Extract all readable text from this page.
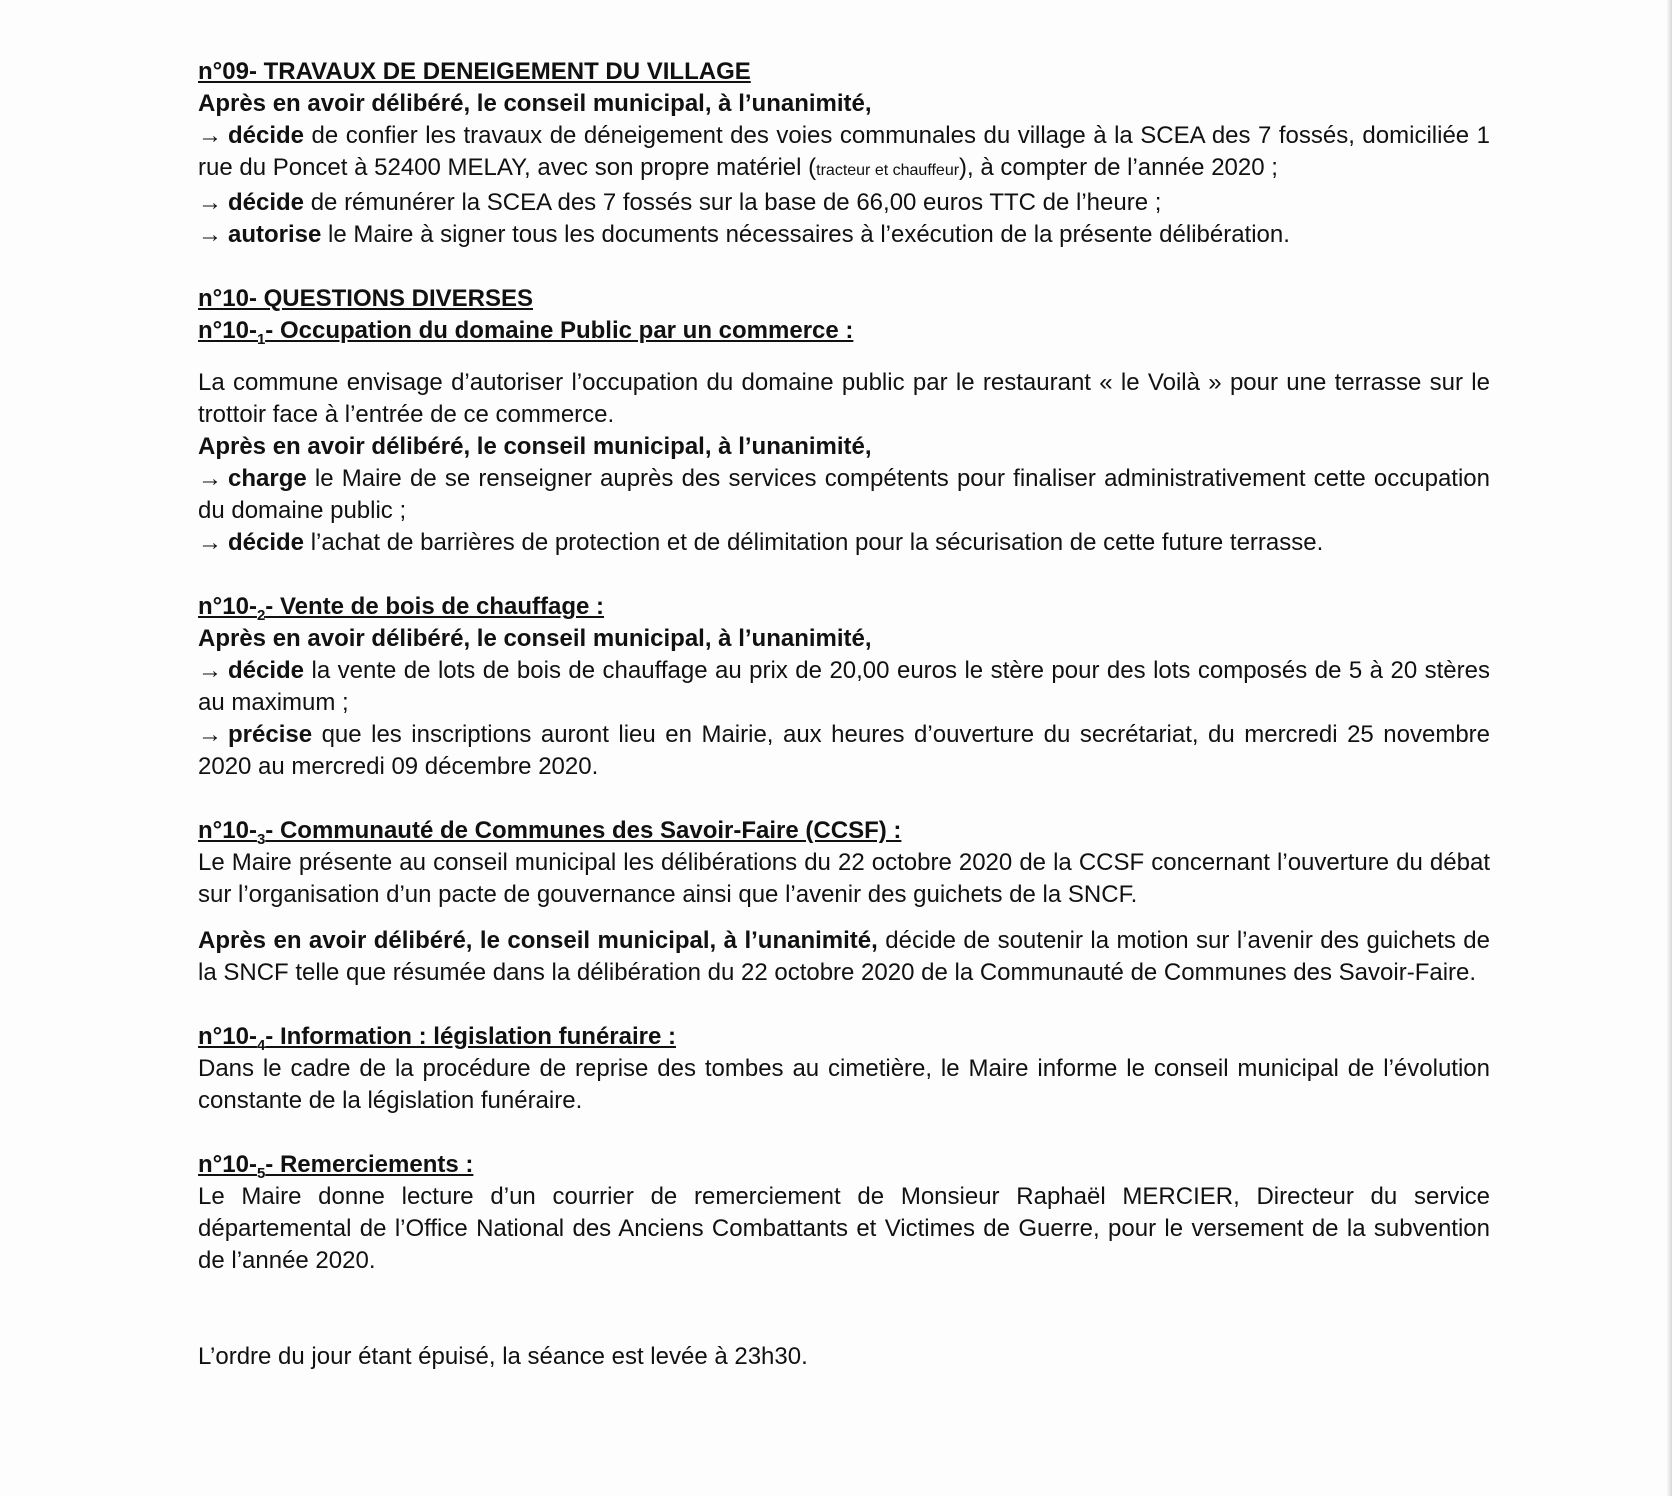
n°09- TRAVAUX DE DENEIGEMENT DU VILLAGE

Après en avoir délibéré, le conseil municipal, à l’unanimité,

→ décide de confier les travaux de déneigement des voies communales du village à la SCEA des 7 fossés, domiciliée 1 rue du Poncet à 52400 MELAY, avec son propre matériel (tracteur et chauffeur), à compter de l’année 2020 ;

→ décide de rémunérer la SCEA des 7 fossés sur la base de 66,00 euros TTC de l’heure ;

→ autorise le Maire à signer tous les documents nécessaires à l’exécution de la présente délibération.

n°10- QUESTIONS DIVERSES

$n^\circ 10-_1-$ Occupation du domaine Public par un commerce :

La commune envisage d’autoriser l’occupation du domaine public par le restaurant « le Voilà » pour une terrasse sur le trottoir face à l’entrée de ce commerce.

Après en avoir délibéré, le conseil municipal, à l’unanimité,

→ charge le Maire de se renseigner auprès des services compétents pour finaliser administrativement cette occupation du domaine public ;

→ décide l’achat de barrières de protection et de délimitation pour la sécurisation de cette future terrasse.

$n^\circ 10-_2-$ Vente de bois de chauffage :

Après en avoir délibéré, le conseil municipal, à l’unanimité,

→ décide la vente de lots de bois de chauffage au prix de 20,00 euros le stère pour des lots composés de 5 à 20 stères au maximum ;

→ précise que les inscriptions auront lieu en Mairie, aux heures d’ouverture du secrétariat, du mercredi 25 novembre 2020 au mercredi 09 décembre 2020.

$n^\circ 10-_3-$ Communauté de Communes des Savoir-Faire (CCSF) :

Le Maire présente au conseil municipal les délibérations du 22 octobre 2020 de la CCSF concernant l’ouverture du débat sur l’organisation d’un pacte de gouvernance ainsi que l’avenir des guichets de la SNCF.

Après en avoir délibéré, le conseil municipal, à l’unanimité, décide de soutenir la motion sur l’avenir des guichets de la SNCF telle que résumée dans la délibération du 22 octobre 2020 de la Communauté de Communes des Savoir-Faire.

$n^\circ 10-_4-$ Information : législation funéraire :

Dans le cadre de la procédure de reprise des tombes au cimetière, le Maire informe le conseil municipal de l’évolution constante de la législation funéraire.

$n^\circ 10-_5-$ Remerciements :

Le Maire donne lecture d’un courrier de remerciement de Monsieur Raphaël MERCIER, Directeur du service départemental de l’Office National des Anciens Combattants et Victimes de Guerre, pour le versement de la subvention de l’année 2020.

L’ordre du jour étant épuisé, la séance est levée à 23h30.
